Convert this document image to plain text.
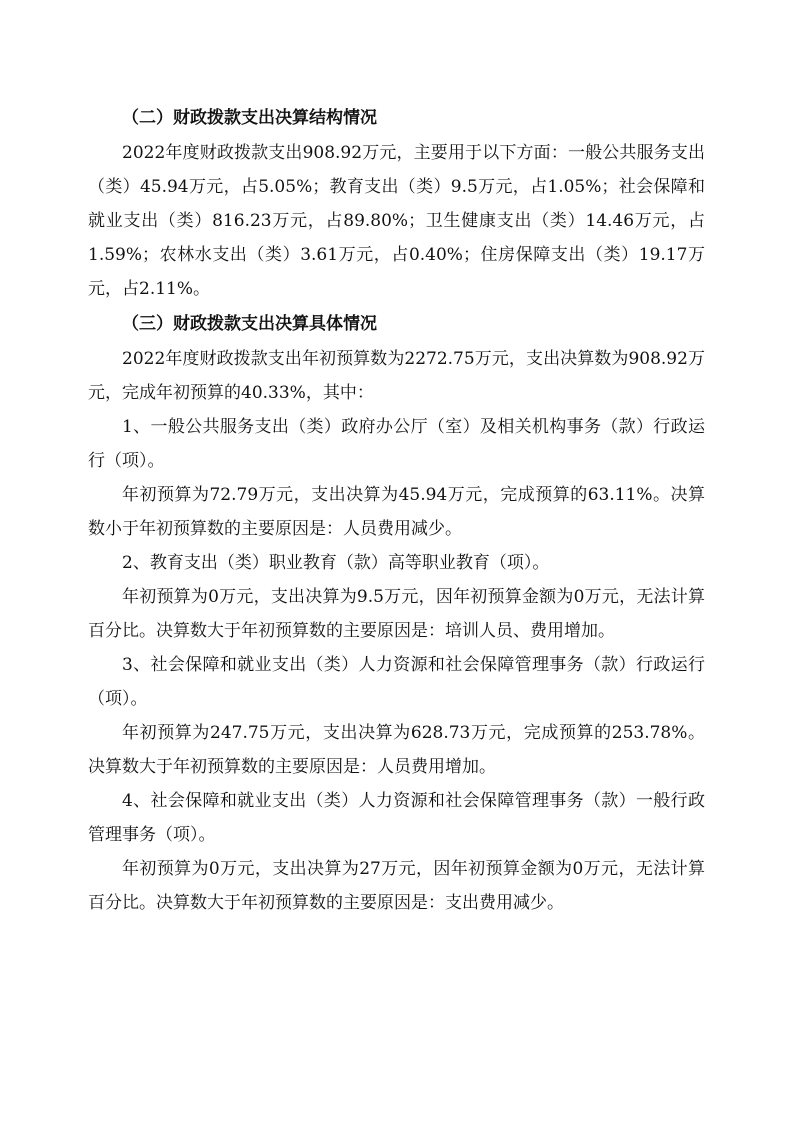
（二）财政拨款支出决算结构情况

2022年度财政拨款支出908.92万元，主要用于以下方面：一般公共服务支出（类）45.94万元，占5.05%；教育支出（类）9.5万元，占1.05%；社会保障和就业支出（类）816.23万元，占89.80%；卫生健康支出（类）14.46万元，占1.59%；农林水支出（类）3.61万元，占0.40%；住房保障支出（类）19.17万元，占2.11%。

（三）财政拨款支出决算具体情况

2022年度财政拨款支出年初预算数为2272.75万元，支出决算数为908.92万元，完成年初预算的40.33%，其中：

1、一般公共服务支出（类）政府办公厅（室）及相关机构事务（款）行政运行（项）。

年初预算为72.79万元，支出决算为45.94万元，完成预算的63.11%。决算数小于年初预算数的主要原因是：人员费用减少。

2、教育支出（类）职业教育（款）高等职业教育（项）。

年初预算为0万元，支出决算为9.5万元，因年初预算金额为0万元，无法计算百分比。决算数大于年初预算数的主要原因是：培训人员、费用增加。

3、社会保障和就业支出（类）人力资源和社会保障管理事务（款）行政运行（项）。

年初预算为247.75万元，支出决算为628.73万元，完成预算的253.78%。决算数大于年初预算数的主要原因是：人员费用增加。

4、社会保障和就业支出（类）人力资源和社会保障管理事务（款）一般行政管理事务（项）。

年初预算为0万元，支出决算为27万元，因年初预算金额为0万元，无法计算百分比。决算数大于年初预算数的主要原因是：支出费用减少。
